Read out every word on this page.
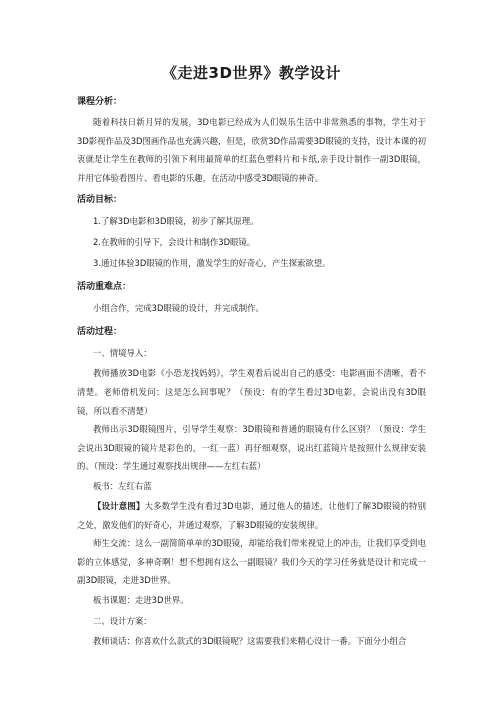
《走进3D世界》教学设计
课程分析：

随着科技日新月异的发展，3D电影已经成为人们娱乐生活中非常熟悉的事物，学生对于3D影视作品及3D图画作品也充满兴趣，但是，欣赏3D作品需要3D眼镜的支持，设计本课的初衷就是让学生在教师的引领下利用最简单的红蓝色塑料片和卡纸,亲手设计制作一副3D眼镜，并用它体验看图片、看电影的乐趣，在活动中感受3D眼镜的神奇。

活动目标：

1.了解3D电影和3D眼镜，初步了解其原理。

2.在教师的引导下，会设计和制作3D眼镜。

3.通过体验3D眼镜的作用，激发学生的好奇心，产生探索欲望。

活动重难点：

小组合作，完成3D眼镜的设计，并完成制作。

活动过程：

一、情境导入：

教师播放3D电影《小恐龙找妈妈》，学生观看后说出自己的感受：电影画面不清晰，看不清楚。老师借机发问：这是怎么回事呢？（预设：有的学生看过3D电影，会说出没有3D眼镜，所以看不清楚）

教师出示3D眼镜图片，引导学生观察：3D眼镜和普通的眼镜有什么区别？（预设：学生会说出3D眼镜的镜片是彩色的，一红一蓝）再仔细观察，说出红蓝镜片是按照什么规律安装的。（预设：学生通过观察找出规律——左红右蓝）

板书：左红右蓝

【设计意图】大多数学生没有看过3D电影，通过他人的描述，让他们了解3D眼镜的特别之处，激发他们的好奇心，并通过观察，了解3D眼镜的安装规律。

师生交流：这么一副简简单单的3D眼镜，却能给我们带来视觉上的冲击，让我们享受到电影的立体感觉，多神奇啊！想不想拥有这么一副眼镜？我们今天的学习任务就是设计和完成一副3D眼镜，走进3D世界。

板书课题：走进3D世界。

二、设计方案：

教师谈话：你喜欢什么款式的3D眼镜呢？这需要我们来精心设计一番。下面分小组合
